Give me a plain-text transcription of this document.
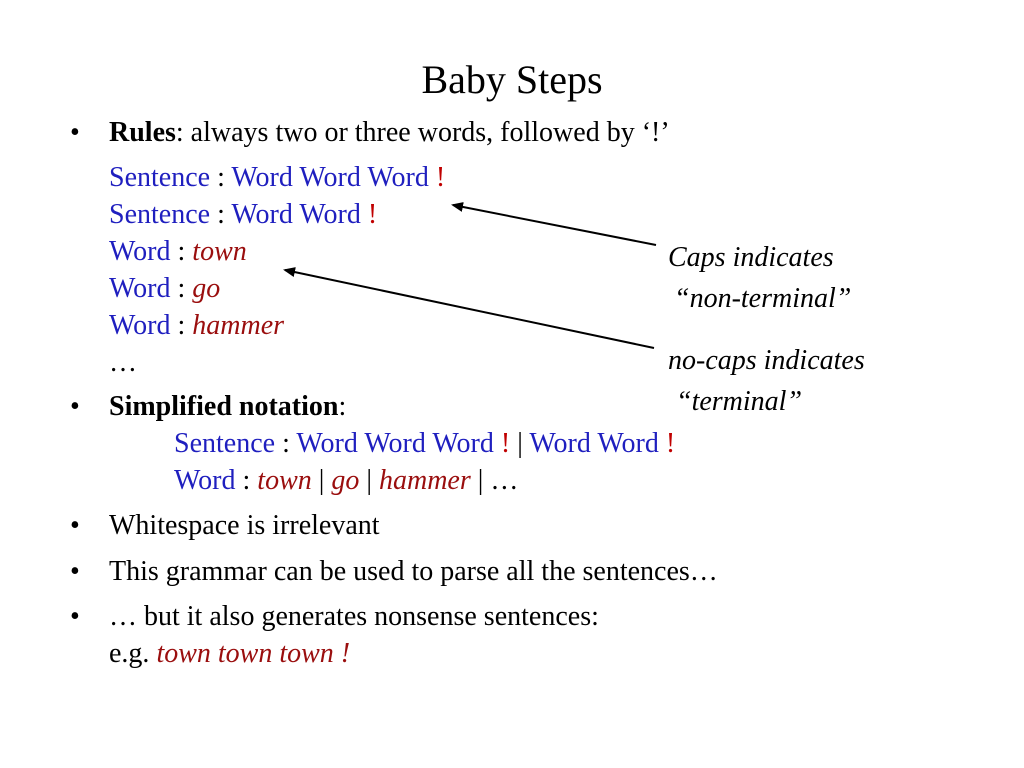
Baby Steps
• Rules: always two or three words, followed by ‘!’
Sentence : Word Word Word !
Sentence : Word Word !
Word : town
Word : go
Word : hammer
…
• Simplified notation:
Sentence : Word Word Word ! | Word Word !
Word : town | go | hammer | …
• Whitespace is irrelevant
• This grammar can be used to parse all the sentences…
• … but it also generates nonsense sentences:
e.g. town town town !
Caps indicates
“non-terminal”
no-caps indicates
“terminal”
